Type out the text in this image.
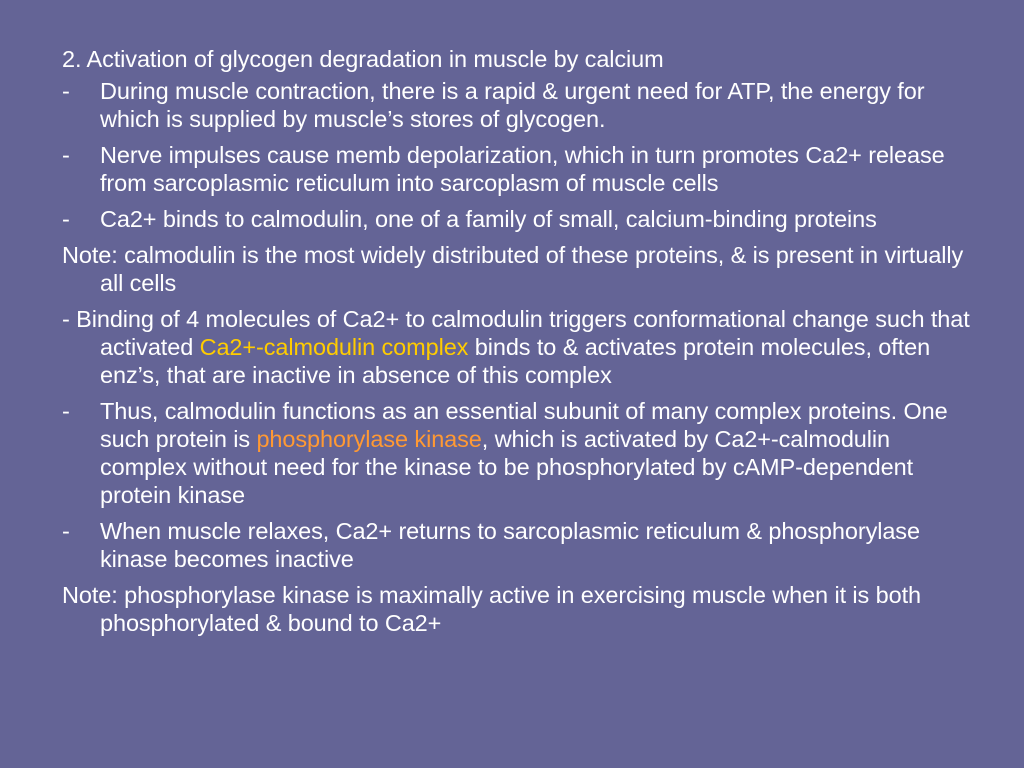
2. Activation of glycogen degradation in muscle by calcium
- During muscle contraction, there is a rapid & urgent need for ATP, the energy for which is supplied by muscle’s stores of glycogen.
- Nerve impulses cause memb depolarization, which in turn promotes Ca2+ release from sarcoplasmic reticulum into sarcoplasm of muscle cells
- Ca2+ binds to calmodulin, one of a family of small, calcium-binding proteins
Note: calmodulin is the most widely distributed of these proteins, & is present in virtually all cells
- Binding of 4 molecules of Ca2+ to calmodulin triggers conformational change such that activated Ca2+-calmodulin complex binds to & activates protein molecules, often enz’s, that are inactive in absence of this complex
- Thus, calmodulin functions as an essential subunit of many complex proteins. One such protein is phosphorylase kinase, which is activated by Ca2+-calmodulin complex without need for the kinase to be phosphorylated by cAMP-dependent protein kinase
- When muscle relaxes, Ca2+ returns to sarcoplasmic reticulum & phosphorylase kinase becomes inactive
Note: phosphorylase kinase is maximally active in exercising muscle when it is both phosphorylated & bound to Ca2+
